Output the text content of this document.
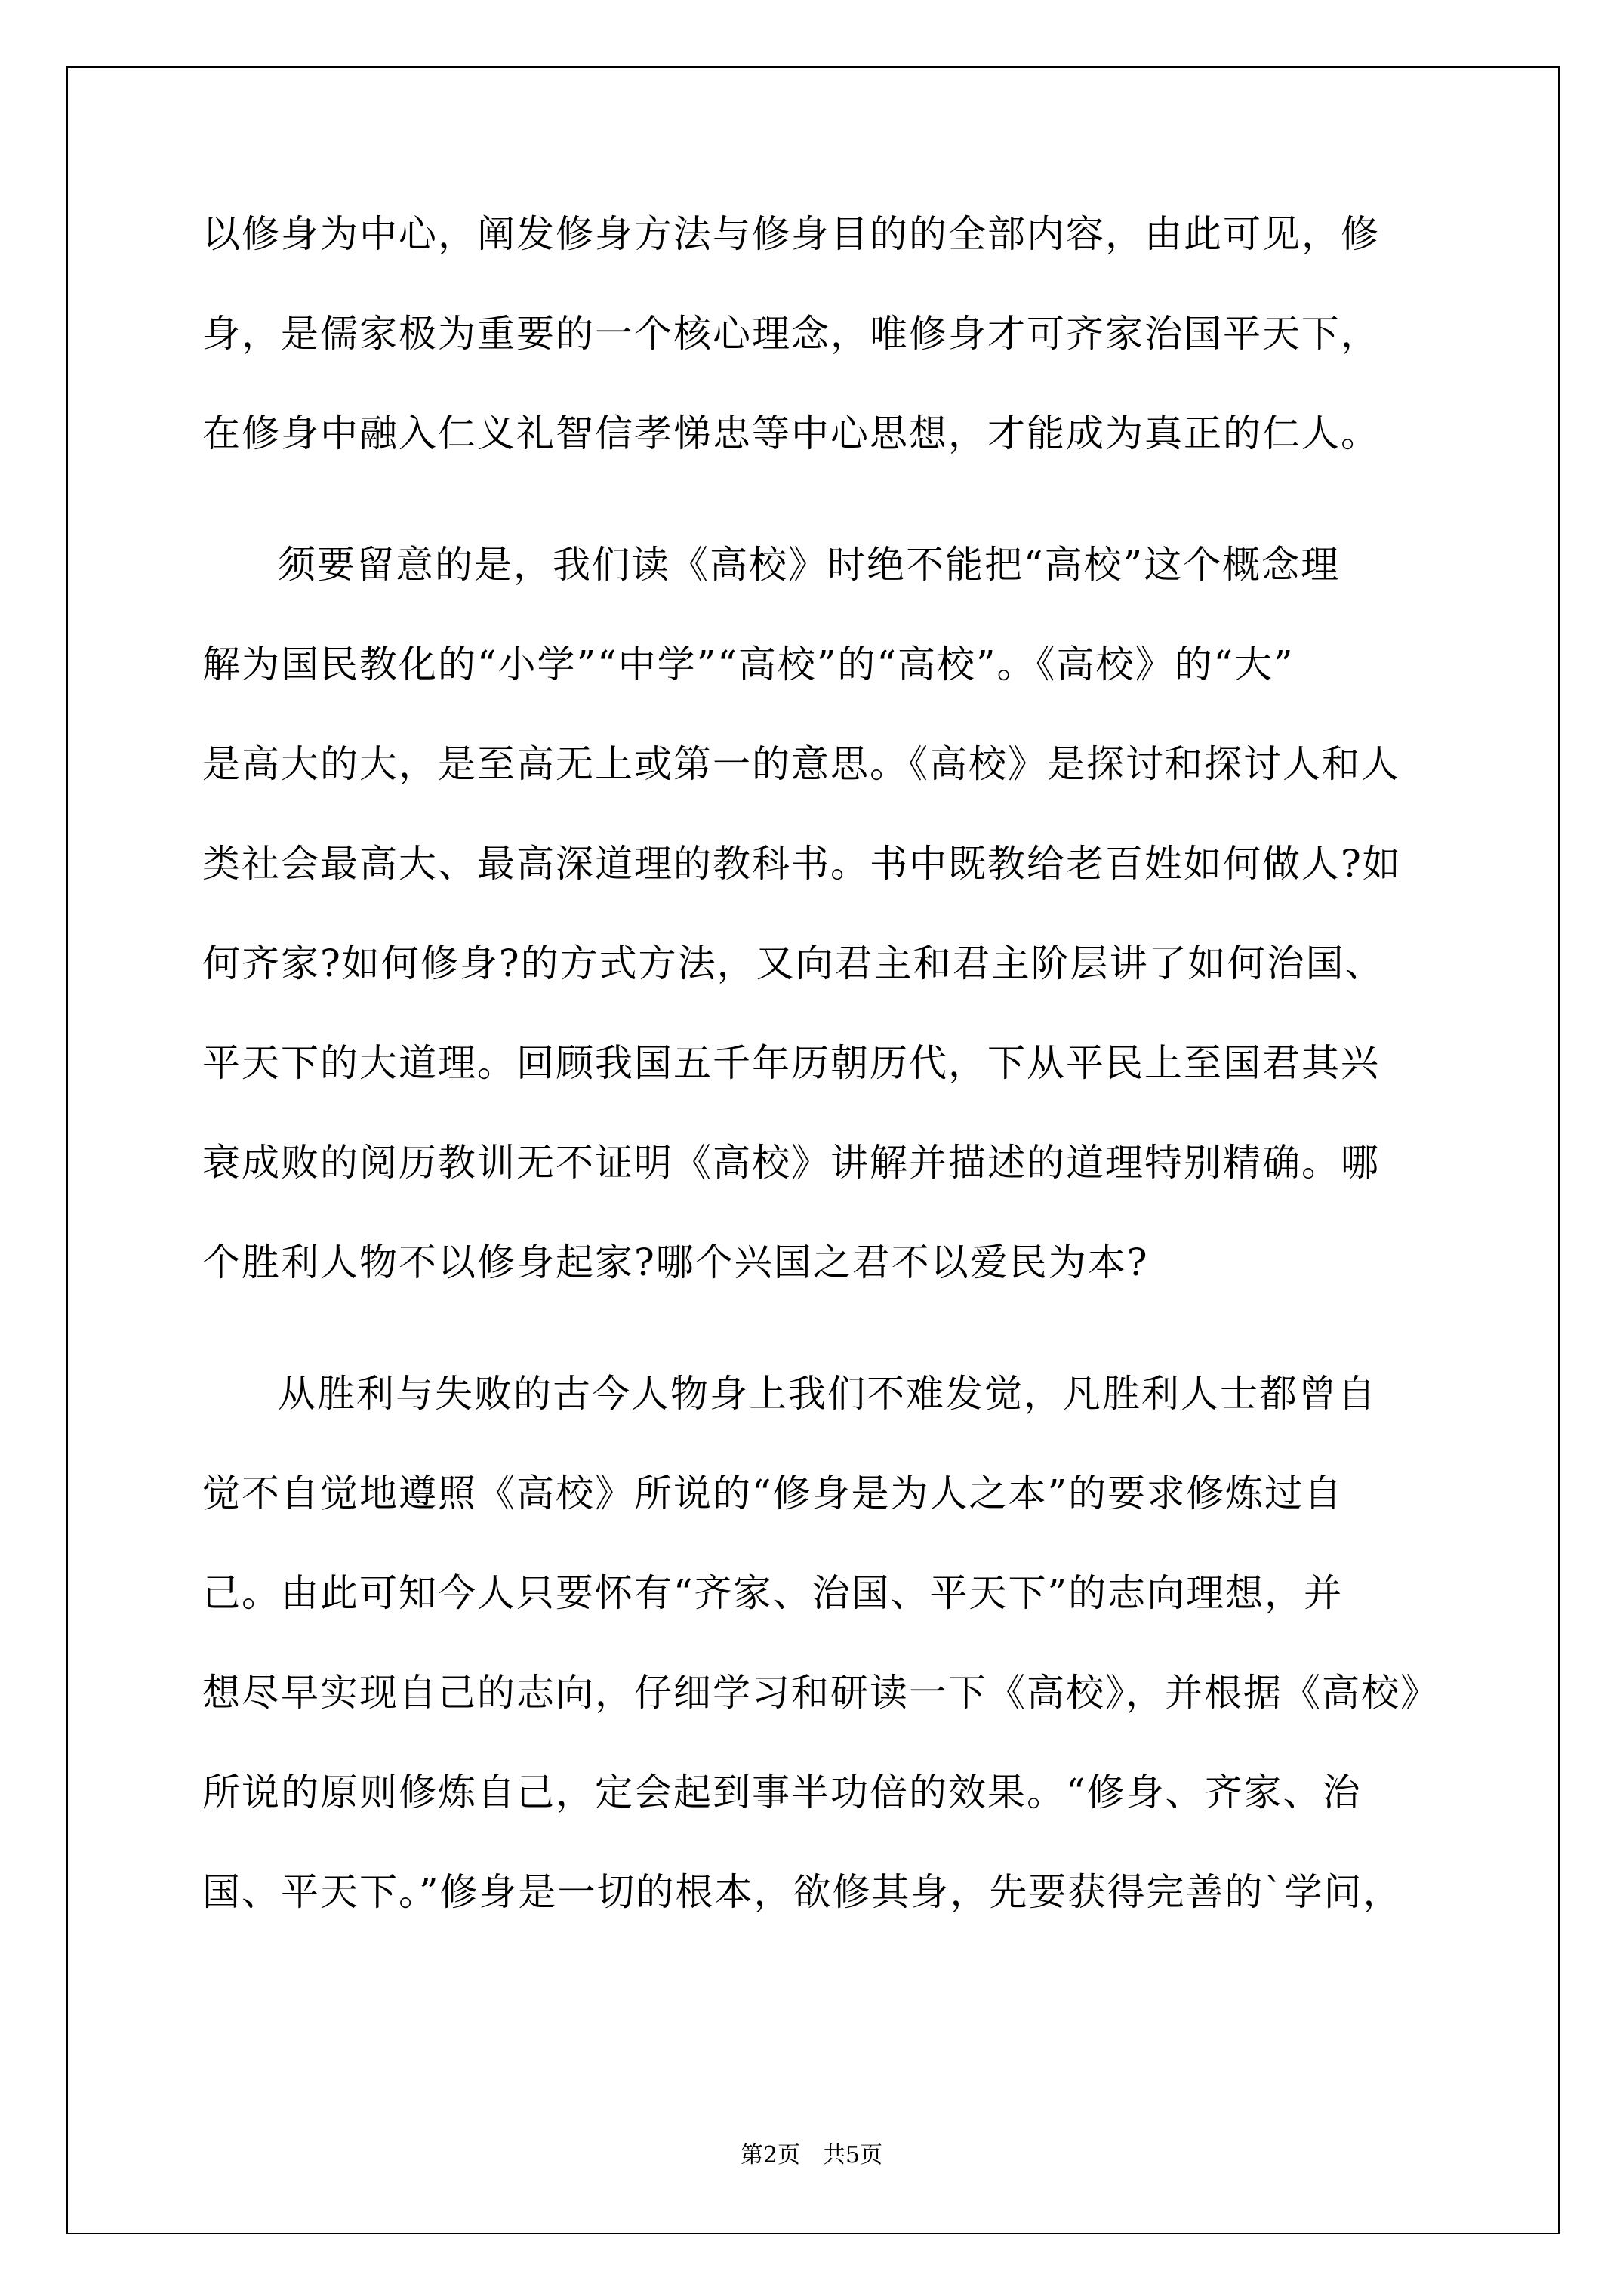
以修身为中心，阐发修身方法与修身目的的全部内容，由此可见，修
身，是儒家极为重要的一个核心理念，唯修身才可齐家治国平天下，
在修身中融入仁义礼智信孝悌忠等中心思想，才能成为真正的仁人。
须要留意的是，我们读《高校》时绝不能把“高校”这个概念理
解为国民教化的“小学”“中学”“高校”的“高校”。《高校》的“大”
是高大的大，是至高无上或第一的意思。《高校》是探讨和探讨人和人
类社会最高大、最高深道理的教科书。书中既教给老百姓如何做人?如
何齐家?如何修身?的方式方法，又向君主和君主阶层讲了如何治国、
平天下的大道理。回顾我国五千年历朝历代，下从平民上至国君其兴
衰成败的阅历教训无不证明《高校》讲解并描述的道理特别精确。哪
个胜利人物不以修身起家?哪个兴国之君不以爱民为本?
从胜利与失败的古今人物身上我们不难发觉，凡胜利人士都曾自
觉不自觉地遵照《高校》所说的“修身是为人之本”的要求修炼过自
己。由此可知今人只要怀有“齐家、治国、平天下”的志向理想，并
想尽早实现自己的志向，仔细学习和研读一下《高校》，并根据《高校》
所说的原则修炼自己，定会起到事半功倍的效果。“修身、齐家、治
国、平天下。”修身是一切的根本，欲修其身，先要获得完善的`学问，
第2页　共5页
